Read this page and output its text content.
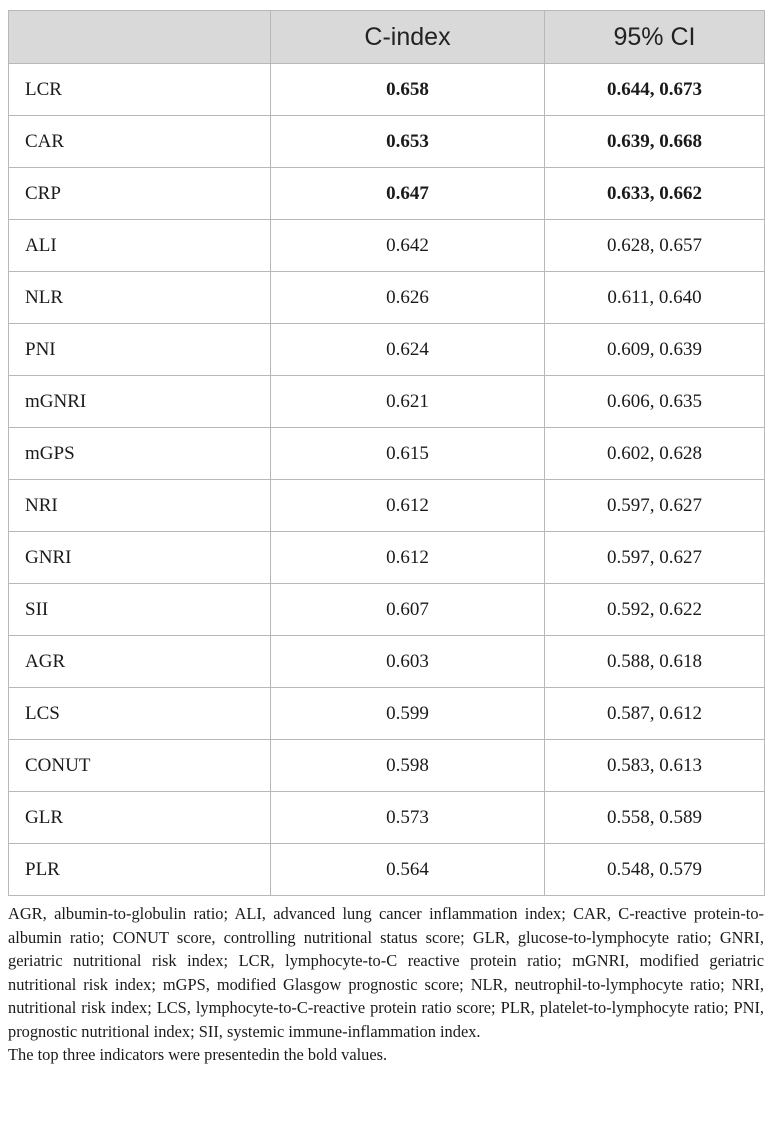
	C-index	95% CI
LCR	0.658	0.644, 0.673
CAR	0.653	0.639, 0.668
CRP	0.647	0.633, 0.662
ALI	0.642	0.628, 0.657
NLR	0.626	0.611, 0.640
PNI	0.624	0.609, 0.639
mGNRI	0.621	0.606, 0.635
mGPS	0.615	0.602, 0.628
NRI	0.612	0.597, 0.627
GNRI	0.612	0.597, 0.627
SII	0.607	0.592, 0.622
AGR	0.603	0.588, 0.618
LCS	0.599	0.587, 0.612
CONUT	0.598	0.583, 0.613
GLR	0.573	0.558, 0.589
PLR	0.564	0.548, 0.579

AGR, albumin-to-globulin ratio; ALI, advanced lung cancer inflammation index; CAR, C-reactive protein-to-albumin ratio; CONUT score, controlling nutritional status score; GLR, glucose-to-lymphocyte ratio; GNRI, geriatric nutritional risk index; LCR, lymphocyte-to-C reactive protein ratio; mGNRI, modified geriatric nutritional risk index; mGPS, modified Glasgow prognostic score; NLR, neutrophil-to-lymphocyte ratio; NRI, nutritional risk index; LCS, lymphocyte-to-C-reactive protein ratio score; PLR, platelet-to-lymphocyte ratio; PNI, prognostic nutritional index; SII, systemic immune-inflammation index.

The top three indicators were presentedin the bold values.
